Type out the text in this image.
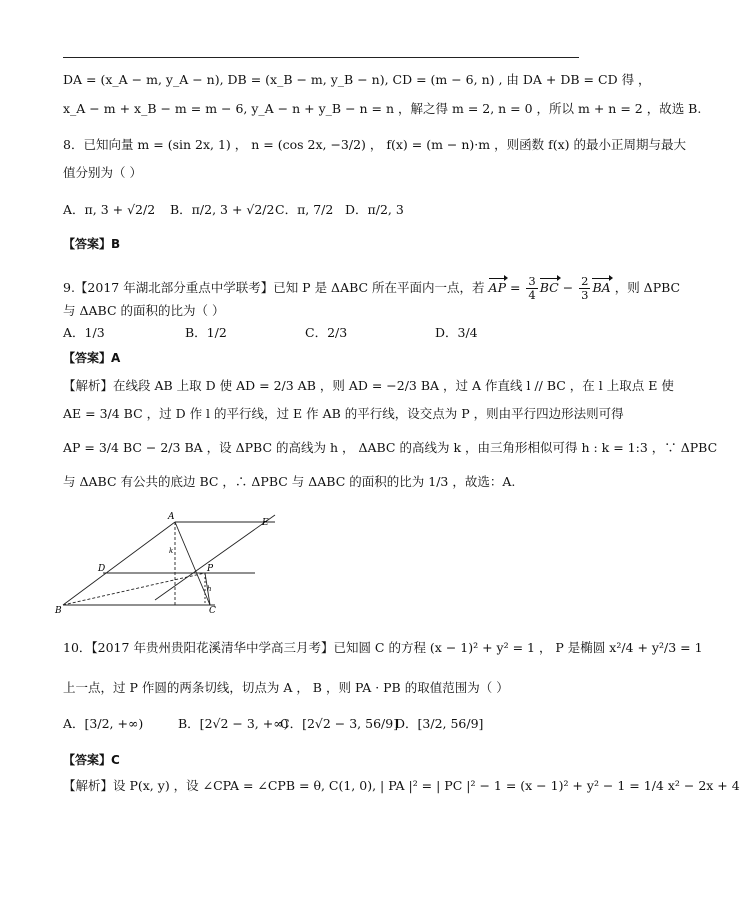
DA = (x_A − m, y_A − n), DB = (x_B − m, y_B − n), CD = (m − 6, n) , 由 DA + DB = CD 得 ，
x_A − m + x_B − m = m − 6, y_A − n + y_B − n = n ，解之得 m = 2, n = 0 ，所以 m + n = 2 ，故选 B.
8．已知向量 m = (sin 2x, 1) ， n = (cos 2x, −3/2) ， f(x) = (m − n)·m ，则函数 f(x) 的最小正周期与最大
值分别为（ ）
A．π, 3 + √2/2 B．π/2, 3 + √2/2 C．π, 7/2 D．π/2, 3
【答案】B
9.【2017 年湖北部分重点中学联考】已知 P 是 ΔABC 所在平面内一点，若 AP = $\frac{3}{4}$ BC − $\frac{2}{3}$ BA ，则 ΔPBC
与 ΔABC 的面积的比为（ ）
A．1/3	B．1/2	C．2/3	D．3/4
【答案】A
【解析】在线段 AB 上取 D 使 AD = 2/3 AB ，则 AD = −2/3 BA ，过 A 作直线 l // BC ，在 l 上取点 E 使
AE = 3/4 BC ，过 D 作 l 的平行线，过 E 作 AB 的平行线，设交点为 P ，则由平行四边形法则可得
AP = 3/4 BC − 2/3 BA ，设 ΔPBC 的高线为 h ， ΔABC 的高线为 k ，由三角形相似可得 h : k = 1:3 ，∵ ΔPBC
与 ΔABC 有公共的底边 BC ，∴ ΔPBC 与 ΔABC 的面积的比为 1/3 ，故选：A.
A
E
D	P
B	C
k
h
10．【2017 年贵州贵阳花溪清华中学高三月考】已知圆 C 的方程 (x − 1)² + y² = 1 ， P 是椭圆 x²/4 + y²/3 = 1
上一点，过 P 作圆的两条切线，切点为 A ， B ，则 PA · PB 的取值范围为（ ）
A．[3/2, +∞)	B．[2√2 − 3, +∞)
C．[2√2 − 3, 56/9]
D．[3/2, 56/9]
【答案】C
【解析】设 P(x, y) ，设 ∠CPA = ∠CPB = θ, C(1, 0), | PA |² = | PC |² − 1 = (x − 1)² + y² − 1 = 1/4 x² − 2x + 4
